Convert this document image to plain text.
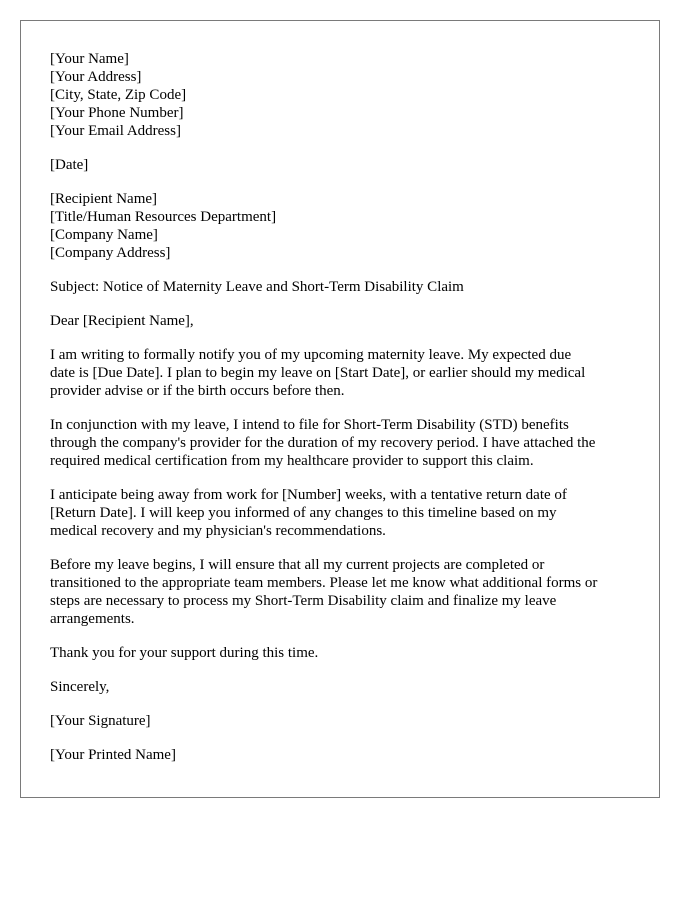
[Your Name]
[Your Address]
[City, State, Zip Code]
[Your Phone Number]
[Your Email Address]
[Date]
[Recipient Name]
[Title/Human Resources Department]
[Company Name]
[Company Address]

Subject: Notice of Maternity Leave and Short-Term Disability Claim

Dear [Recipient Name],

I am writing to formally notify you of my upcoming maternity leave. My expected due
date is [Due Date]. I plan to begin my leave on [Start Date], or earlier should my medical
provider advise or if the birth occurs before then.

In conjunction with my leave, I intend to file for Short-Term Disability (STD) benefits
through the company's provider for the duration of my recovery period. I have attached the
required medical certification from my healthcare provider to support this claim.

I anticipate being away from work for [Number] weeks, with a tentative return date of
[Return Date]. I will keep you informed of any changes to this timeline based on my
medical recovery and my physician's recommendations.

Before my leave begins, I will ensure that all my current projects are completed or
transitioned to the appropriate team members. Please let me know what additional forms or
steps are necessary to process my Short-Term Disability claim and finalize my leave
arrangements.

Thank you for your support during this time.

Sincerely,

[Your Signature]

[Your Printed Name]
